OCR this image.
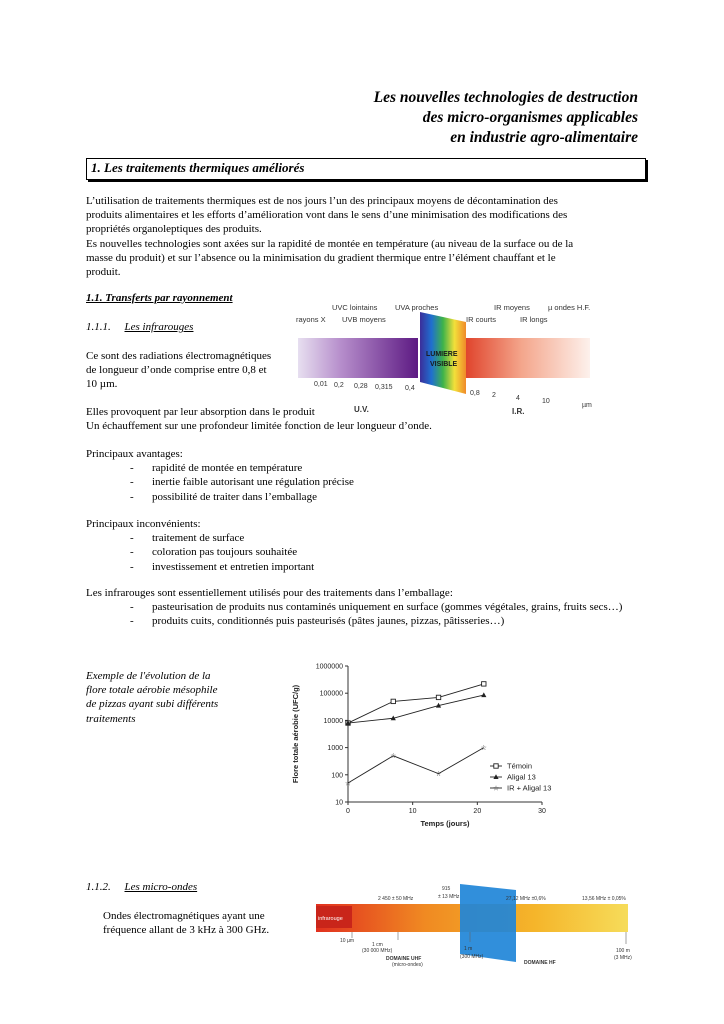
Les nouvelles technologies de destruction
des micro-organismes applicables
en industrie agro-alimentaire
1. Les traitements thermiques améliorés
L’utilisation de traitements thermiques est de nos jours l’un des principaux moyens de décontamination des
produits alimentaires et les efforts d’amélioration vont dans le sens d’une minimisation des modifications des
propriétés organoleptiques des produits.
Es nouvelles technologies sont axées sur la rapidité de montée en température (au niveau de la surface ou de la
masse du produit) et sur l’absence ou la minimisation du gradient thermique entre l’élément chauffant et le
produit.
1.1. Transferts par rayonnement
1.1.1. Les infrarouges
Ce sont des radiations électromagnétiques
de longueur d’onde comprise entre 0,8 et
10 µm.
UVC lointains UVA proches	IR moyens µ ondes H.F.
rayons X UVB moyens	IR courts	IR longs
LUMIERE
VISIBLE
0,01 0,2 0,28 0,315 0,4
0,8 2	4	10
µm
U.V.	I.R.
Elles provoquent par leur absorption dans le produit
Un échauffement sur une profondeur limitée fonction de leur longueur d’onde.
Principaux avantages:
- rapidité de montée en température
- inertie faible autorisant une régulation précise
- possibilité de traiter dans l’emballage
Principaux inconvénients:
- traitement de surface
- coloration pas toujours souhaitée
- investissement et entretien important
Les infrarouges sont essentiellement utilisés pour des traitements dans l’emballage:
- pasteurisation de produits nus contaminés uniquement en surface (gommes végétales, grains, fruits secs…)
- produits cuits, conditionnés puis pasteurisés (pâtes jaunes, pizzas, pâtisseries…)
Exemple de l'évolution de la
flore totale aérobie mésophile
de pizzas ayant subi différents
traitements
0	10	20	30
10
100
1000
10000
100000
1000000
☆
☆
☆
☆
Témoin
Aligal 13
☆ IR + Aligal 13
Temps (jours)
Flore totale aérobie (UFC/g)
1.1.2. Les micro-ondes
Ondes électromagnétiques ayant une
fréquence allant de 3 kHz à 300 GHz.
infrarouge
2 450 ± 50 MHz
915
± 13 MHz	27,12 MHz ±0,6%	13,56 MHz ± 0,05%
10 µm
1 cm
(30 000 MHz)	1 m
(300 MHz)
100 m
(3 MHz)
DOMAINE UHF
(micro-ondes)	DOMAINE HF
